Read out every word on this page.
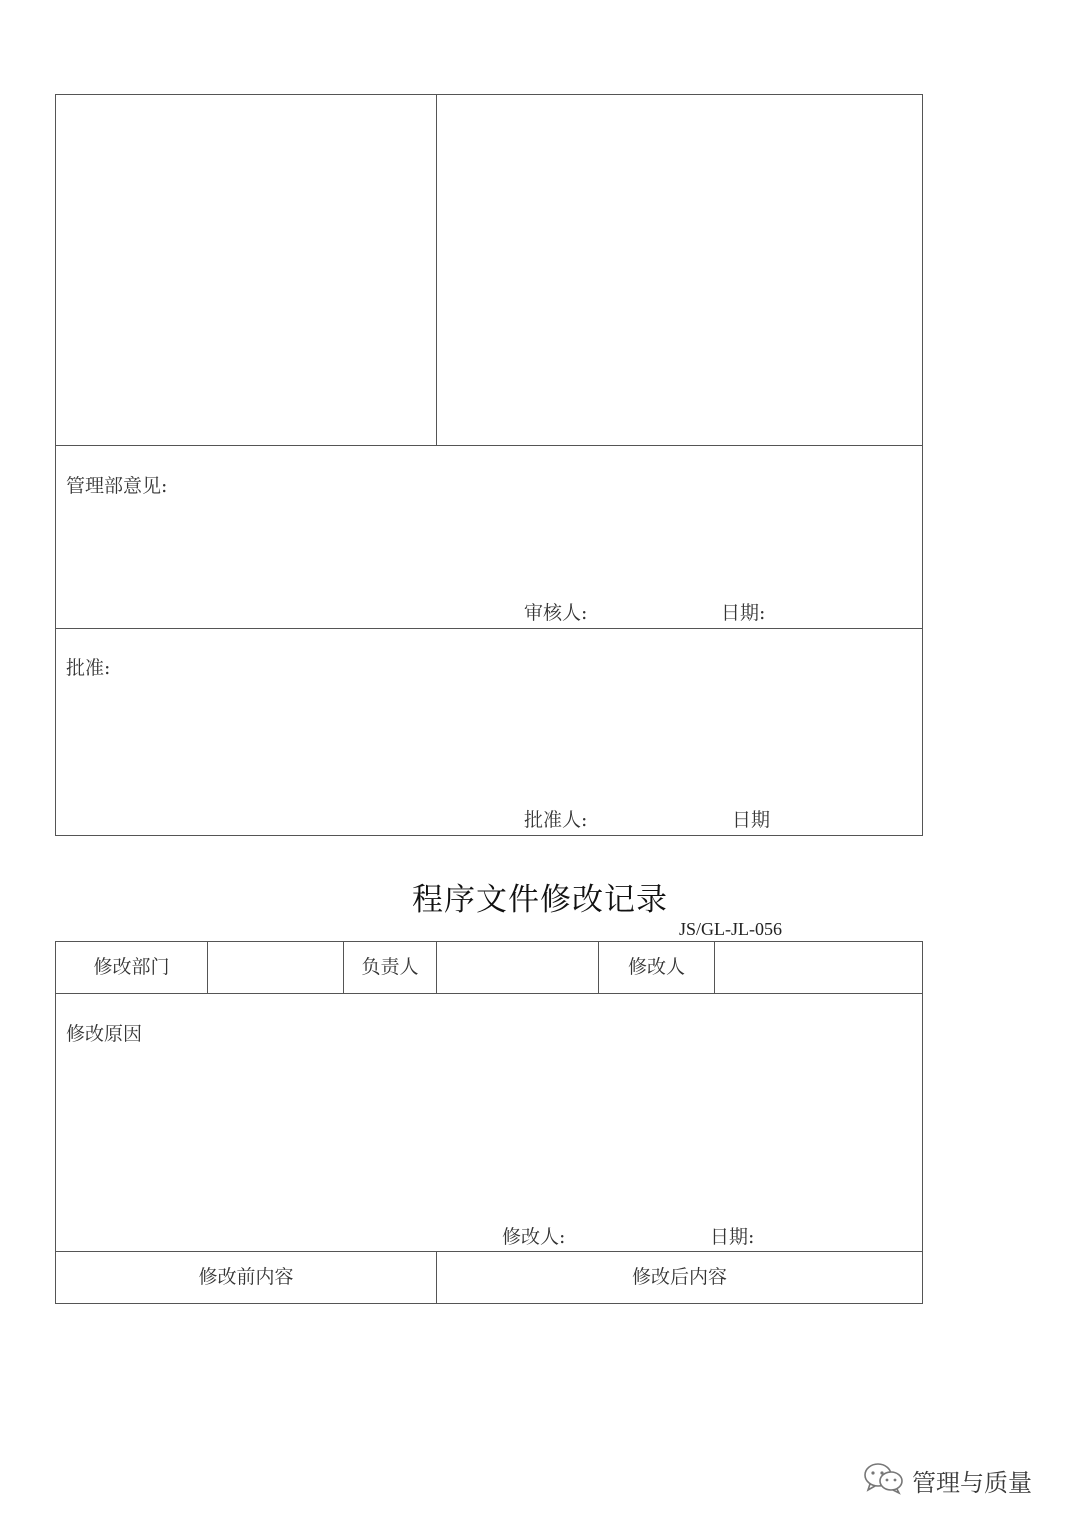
管理部意见:
审核人:	日期:
批准:
批准人:	日期
程序文件修改记录
JS/GL-JL-056
修改部门	负责人	修改人
修改原因
修改人:	日期:
修改前内容	修改后内容
管理与质量
